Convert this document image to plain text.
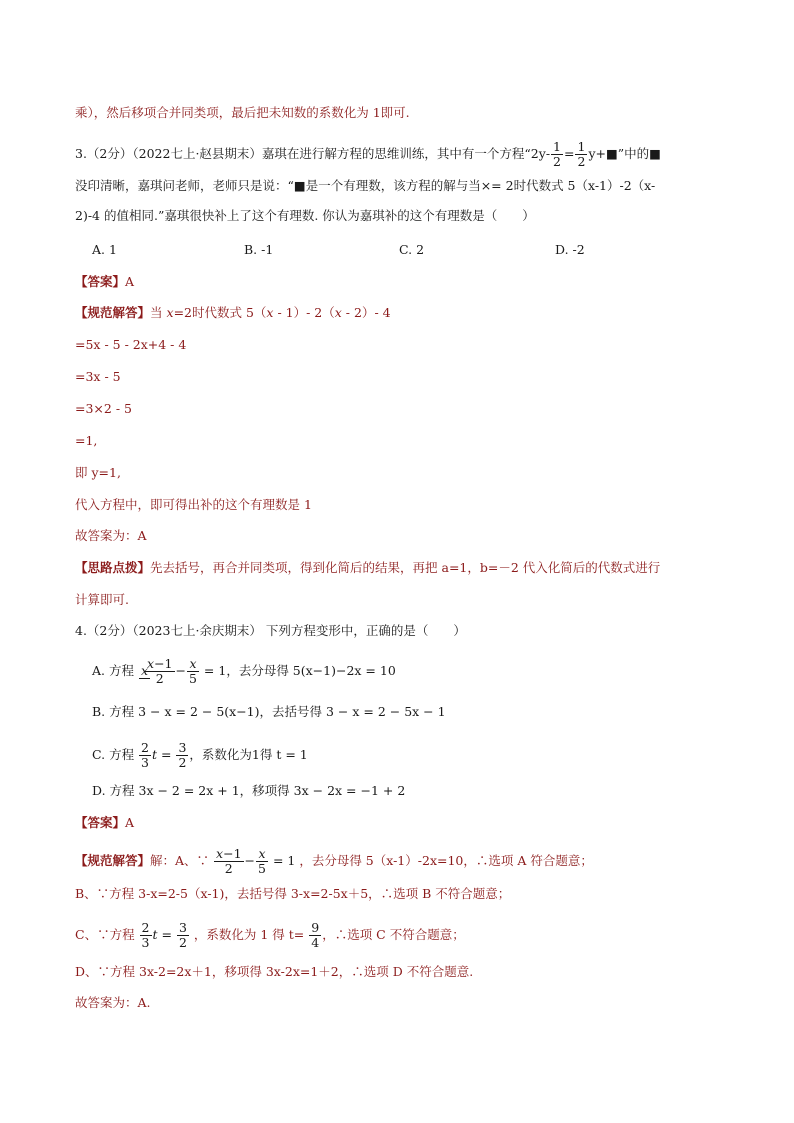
乘），然后移项合并同类项，最后把未知数的系数化为 1即可.
3.（2分）（2022七上·赵县期末）嘉琪在进行解方程的思维训练，其中有一个方程“$2y- \frac{1}{2} = \frac{1}{2}$ y+■”中的■
没印清晰，嘉琪问老师，老师只是说：“■是一个有理数，该方程的解与当×= 2时代数式 5（x-1）-2（x-
2)-4 的值相同.”嘉琪很快补上了这个有理数. 你认为嘉琪补的这个有理数是（　　）
A. 1	B. -1	C. 2	D. -2
【答案】A
【规范解答】当 x=2时代数式 5（x - 1）- 2（x - 2）- 4
=5x - 5 - 2x+4 - 4
=3x - 5
=3×2 - 5
=1,
即 y=1,
代入方程中，即可得出补的这个有理数是 1
故答案为：A
【思路点拨】先去括号，再合并同类项，得到化简后的结果，再把 a=1，b=－2 代入化简后的代数式进行
计算即可.
4.（2分）（2023七上·余庆期末） 下列方程变形中，正确的是（　　）
A. 方程 x
$\frac{x-1}{2} - \frac{x}{5} = 1$，去分母得 5(x−1)−2x = 10
B. 方程 3 − x = 2 − 5(x−1)，去括号得 3 − x = 2 − 5x − 1
C. 方程 $\frac{2}{3}$ $t = \frac{3}{2}$ ，系数化为1得 t = 1
D. 方程 3x − 2 = 2x + 1，移项得 3x − 2x = −1 + 2
【答案】A
【规范解答】解：A、∵ $\frac{x-1}{2} - \frac{x}{5} = 1$ ，去分母得 5（x-1）-2x=10，∴选项 A 符合题意；
B、∵方程 3-x=2-5（x-1)，去括号得 3-x=2-5x＋5，∴选项 B 不符合题意；
C、∵方程 $\frac{2}{3}$ $t = \frac{3}{2}$ ，系数化为 1 得 $t= \frac{9}{4}$ ，∴选项 C 不符合题意；
D、∵方程 3x-2=2x＋1，移项得 3x-2x=1＋2，∴选项 D 不符合题意.
故答案为：A.
